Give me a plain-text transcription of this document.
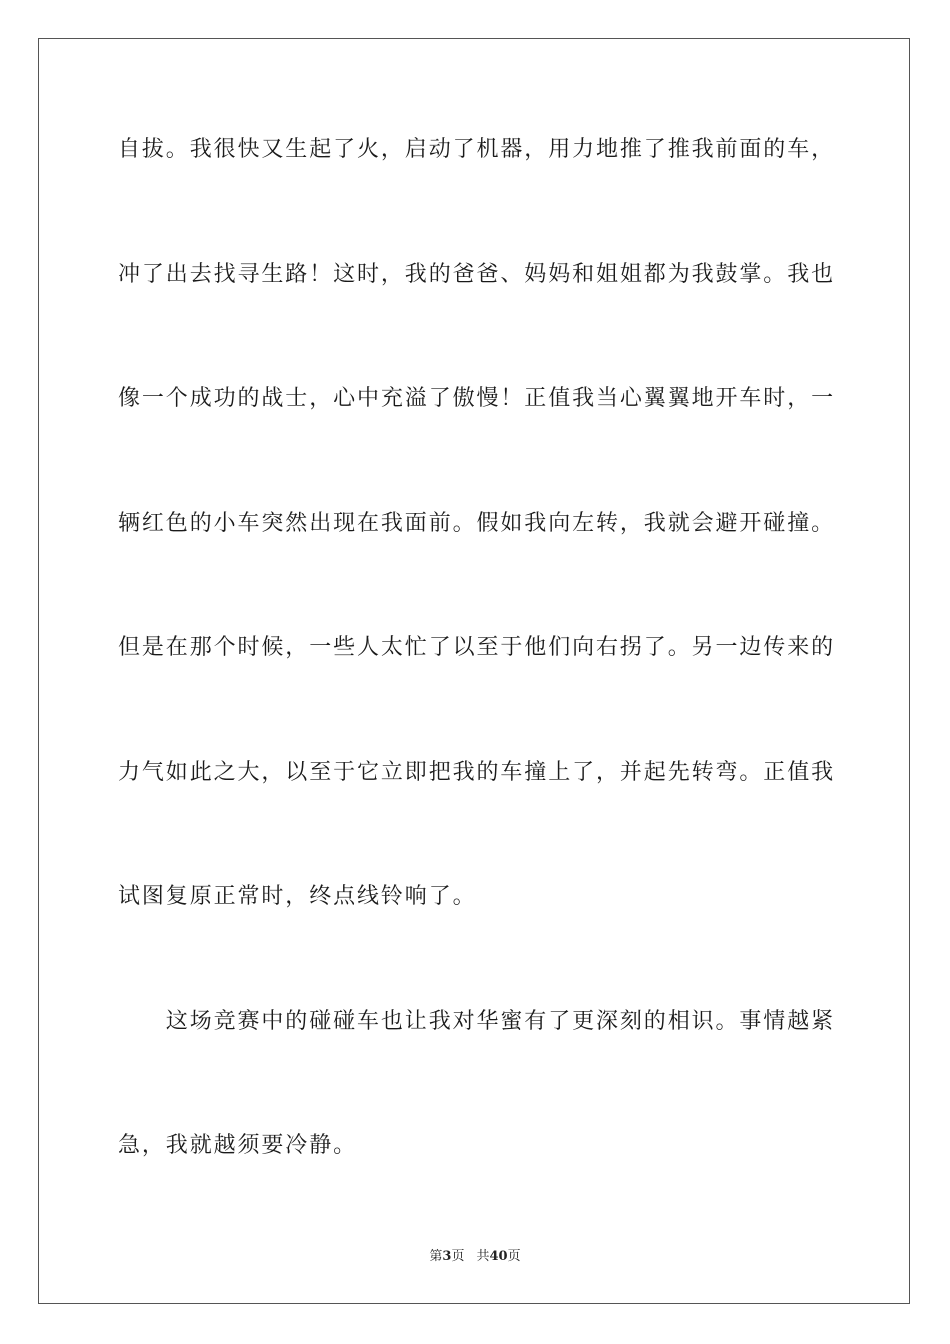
自拔。我很快又生起了火，启动了机器，用力地推了推我前面的车，
冲了出去找寻生路！这时，我的爸爸、妈妈和姐姐都为我鼓掌。我也
像一个成功的战士，心中充溢了傲慢！正值我当心翼翼地开车时，一
辆红色的小车突然出现在我面前。假如我向左转，我就会避开碰撞。
但是在那个时候，一些人太忙了以至于他们向右拐了。另一边传来的
力气如此之大，以至于它立即把我的车撞上了，并起先转弯。正值我
试图复原正常时，终点线铃响了。
　　这场竞赛中的碰碰车也让我对华蜜有了更深刻的相识。事情越紧
急，我就越须要冷静。
第3页 共40页
